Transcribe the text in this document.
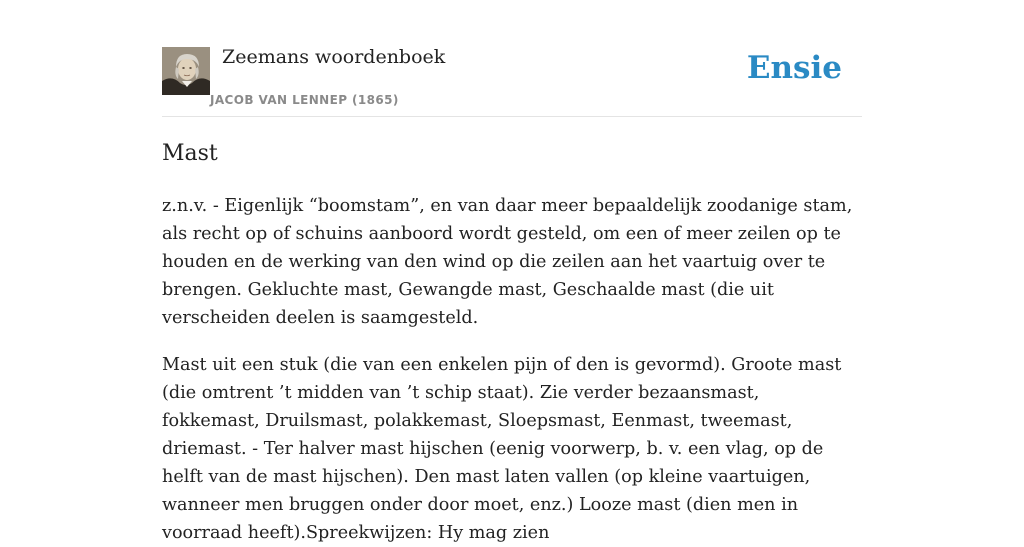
Zeemans woordenboek
JACOB VAN LENNEP (1865)
Ensie
Mast

z.n.v. - Eigenlijk “boomstam”, en van daar meer bepaaldelijk zoodanige stam, als recht op of schuins aanboord wordt gesteld, om een of meer zeilen op te houden en de werking van den wind op die zeilen aan het vaartuig over te brengen. Gekluchte mast, Gewangde mast, Geschaalde mast (die uit verscheiden deelen is saamgesteld.

Mast uit een stuk (die van een enkelen pijn of den is gevormd). Groote mast (die omtrent ’t midden van ’t schip staat). Zie verder bezaansmast, fokkemast, Druilsmast, polakkemast, Sloepsmast, Eenmast, tweemast, driemast. - Ter halver mast hijschen (eenig voorwerp, b. v. een vlag, op de helft van de mast hijschen). Den mast laten vallen (op kleine vaartuigen, wanneer men bruggen onder door moet, enz.) Looze mast (dien men in voorraad heeft).Spreekwijzen: Hy mag zien
